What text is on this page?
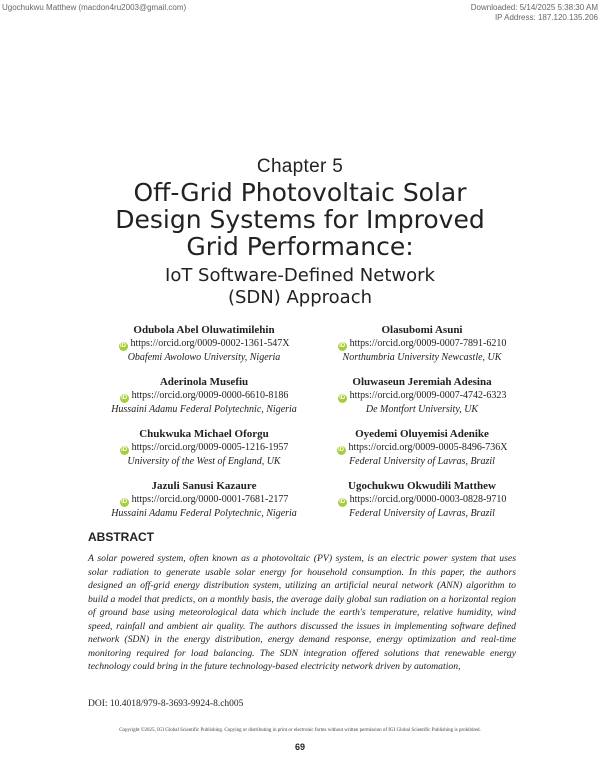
Ugochukwu Matthew (macdon4ru2003@gmail.com)	Downloaded: 5/14/2025 5:38:30 AM
IP Address: 187.120.135.206
Chapter 5
Off-Grid Photovoltaic Solar
Design Systems for Improved
Grid Performance:
IoT Software-Defined Network
(SDN) Approach
Odubola Abel Oluwatimilehin
iD https://orcid.org/0009-0002-1361-547X
Obafemi Awolowo University, Nigeria
Olasubomi Asuni
iD https://orcid.org/0009-0007-7891-6210
Northumbria University Newcastle, UK
Aderinola Musefiu
iD https://orcid.org/0009-0000-6610-8186
Hussaini Adamu Federal Polytechnic, Nigeria
Oluwaseun Jeremiah Adesina
iD https://orcid.org/0009-0007-4742-6323
De Montfort University, UK
Chukwuka Michael Oforgu
iD https://orcid.org/0009-0005-1216-1957
University of the West of England, UK
Oyedemi Oluyemisi Adenike
iD https://orcid.org/0009-0005-8496-736X
Federal University of Lavras, Brazil
Jazuli Sanusi Kazaure
iD https://orcid.org/0000-0001-7681-2177
Hussaini Adamu Federal Polytechnic, Nigeria
Ugochukwu Okwudili Matthew
iD https://orcid.org/0000-0003-0828-9710
Federal University of Lavras, Brazil
ABSTRACT
A solar powered system, often known as a photovoltaic (PV) system, is an electric power system that uses solar radiation to generate usable solar energy for household consumption. In this paper, the authors designed an off-grid energy distribution system, utilizing an artificial neural network (ANN) algorithm to build a model that predicts, on a monthly basis, the average daily global sun radiation on a horizontal region of ground base using meteorological data which include the earth's temperature, relative humidity, wind speed, rainfall and ambient air quality. The authors discussed the issues in implementing software defined network (SDN) in the energy distribution, energy demand response, energy optimization and real-time monitoring required for load balancing. The SDN integration offered solutions that renewable energy technology could bring in the future technology-based electricity network driven by automation,
DOI: 10.4018/979-8-3693-9924-8.ch005
Copyright ©2025, IGI Global Scientific Publishing. Copying or distributing in print or electronic forms without written permission of IGI Global Scientific Publishing is prohibited.
69
